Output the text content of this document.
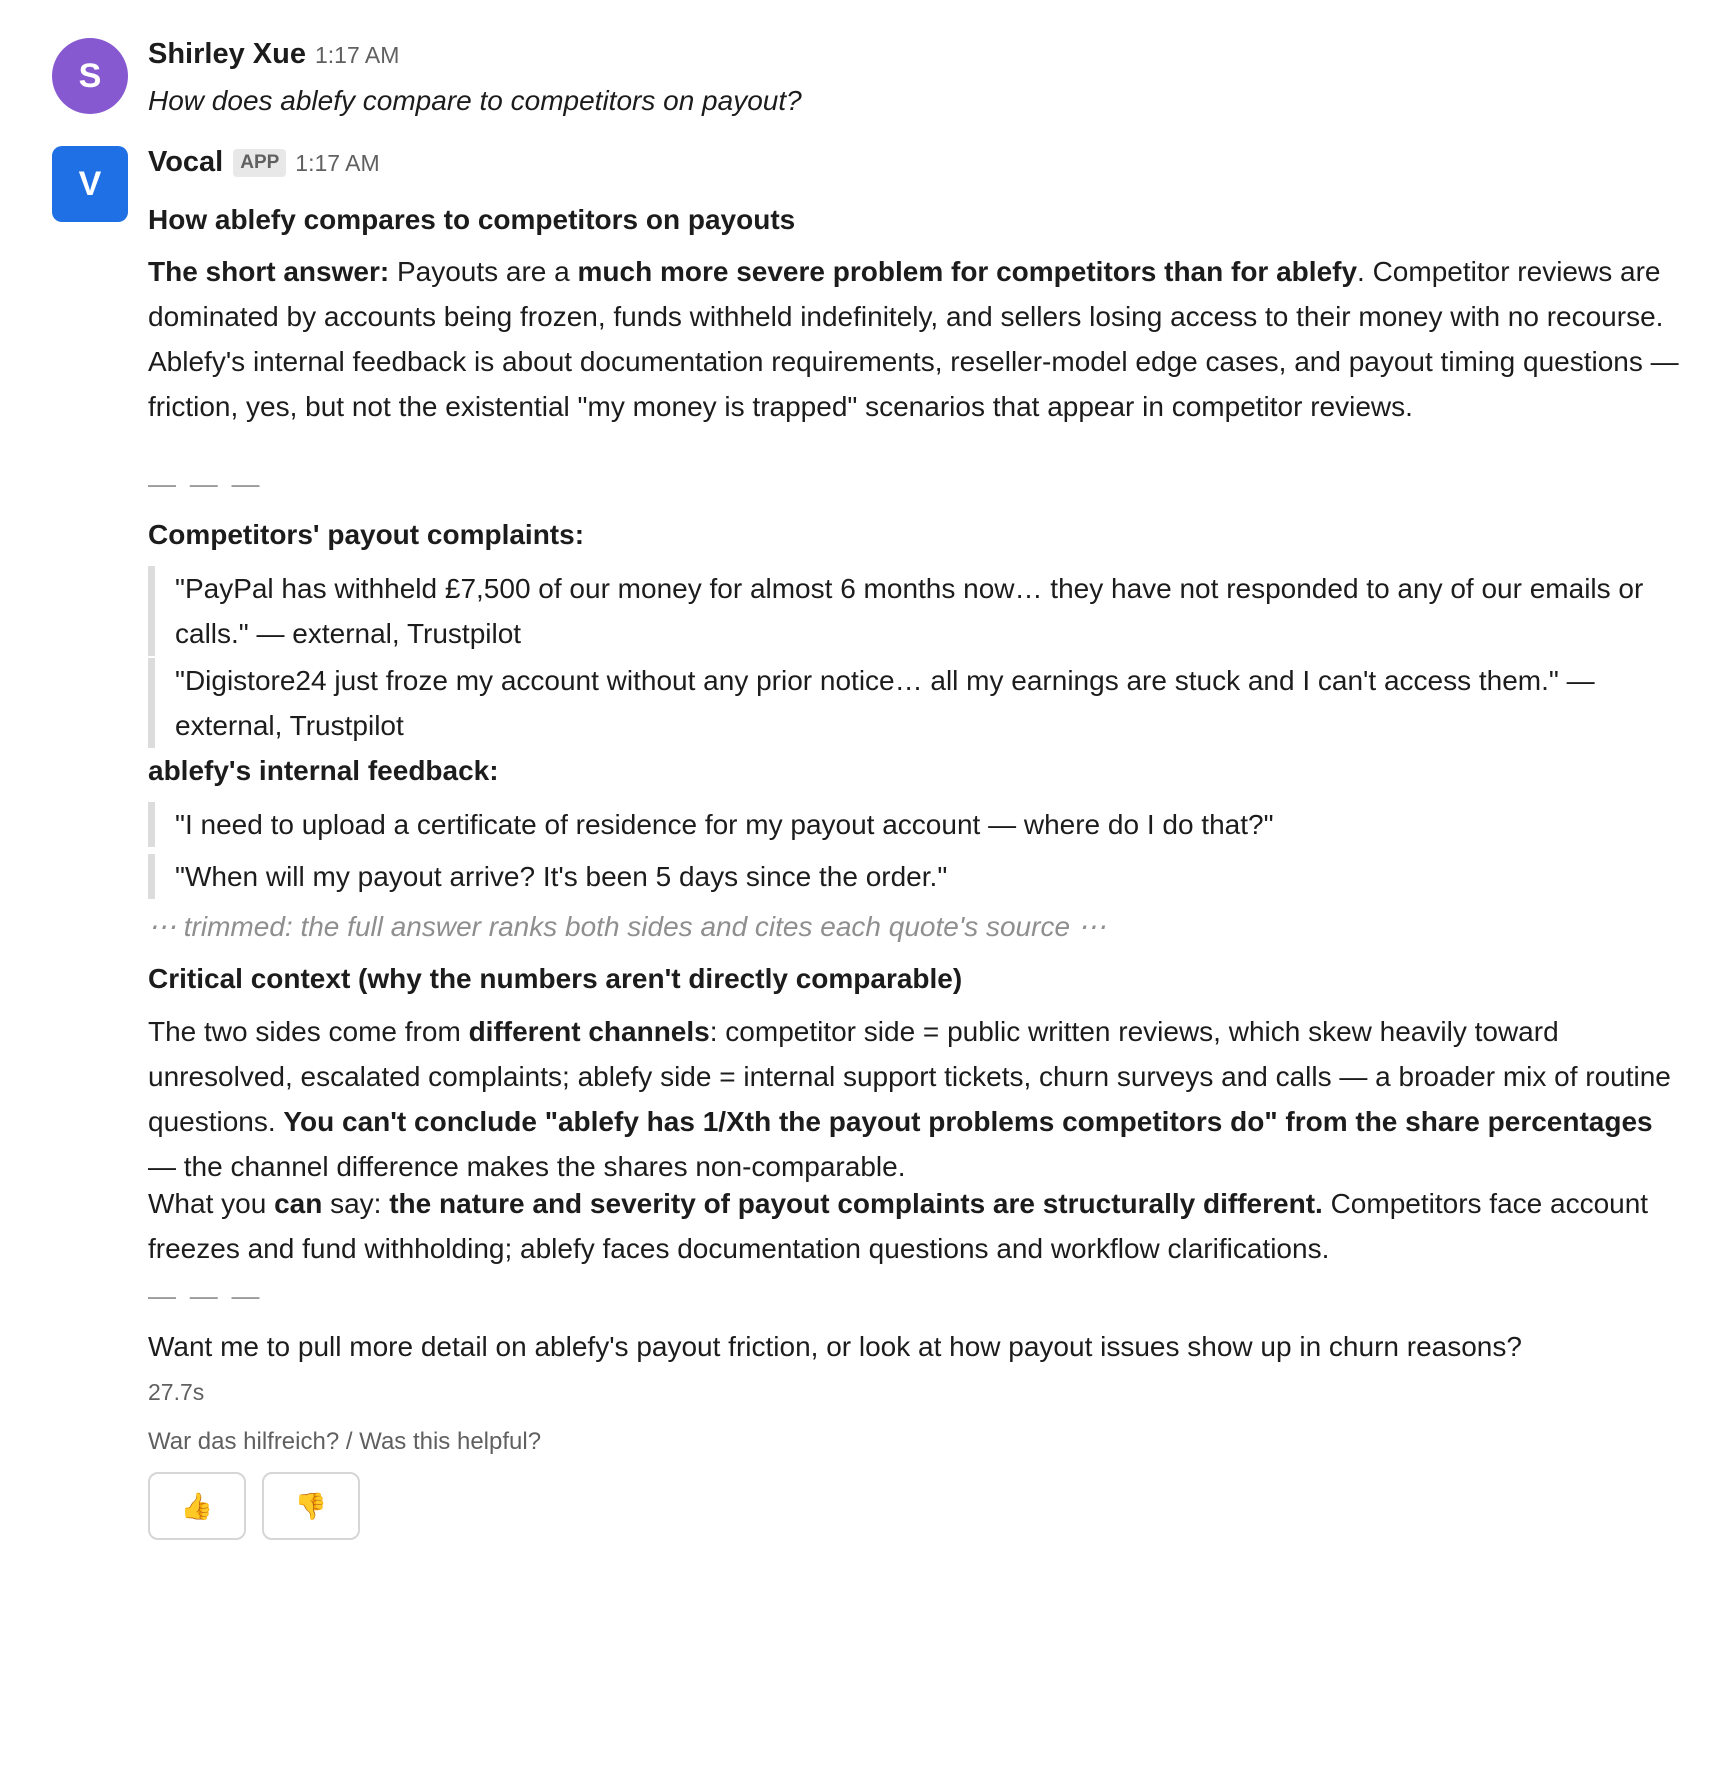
S
Shirley Xue 1:17 AM
How does ablefy compare to competitors on payout?
V
Vocal APP 1:17 AM
How ablefy compares to competitors on payouts
The short answer: Payouts are a much more severe problem for competitors than for ablefy. Competitor reviews are dominated by accounts being frozen, funds withheld indefinitely, and sellers losing access to their money with no recourse. Ablefy's internal feedback is about documentation requirements, reseller-model edge cases, and payout timing questions — friction, yes, but not the existential "my money is trapped" scenarios that appear in competitor reviews.
— — —
Competitors' payout complaints:
"PayPal has withheld £7,500 of our money for almost 6 months now… they have not responded to any of our emails or calls." — external, Trustpilot
"Digistore24 just froze my account without any prior notice… all my earnings are stuck and I can't access them." — external, Trustpilot
ablefy's internal feedback:
"I need to upload a certificate of residence for my payout account — where do I do that?"
"When will my payout arrive? It's been 5 days since the order."
⋯ trimmed: the full answer ranks both sides and cites each quote's source ⋯
Critical context (why the numbers aren't directly comparable)
The two sides come from different channels: competitor side = public written reviews, which skew heavily toward unresolved, escalated complaints; ablefy side = internal support tickets, churn surveys and calls — a broader mix of routine questions. You can't conclude "ablefy has 1/Xth the payout problems competitors do" from the share percentages — the channel difference makes the shares non-comparable.
What you can say: the nature and severity of payout complaints are structurally different. Competitors face account freezes and fund withholding; ablefy faces documentation questions and workflow clarifications.
— — —
Want me to pull more detail on ablefy's payout friction, or look at how payout issues show up in churn reasons?
27.7s
War das hilfreich? / Was this helpful?
👍	👎
